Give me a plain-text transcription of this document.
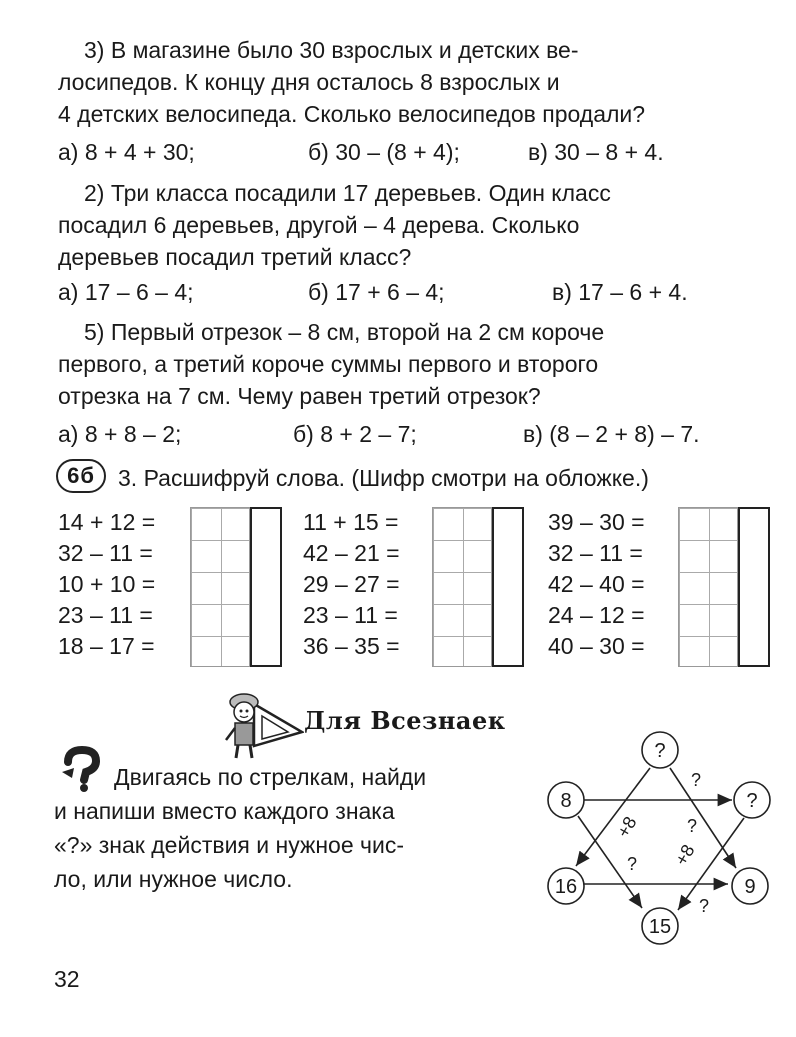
3) В магазине было 30 взрослых и детских ве-

лосипедов. К концу дня осталось 8 взрослых и

4 детских велосипеда. Сколько велосипедов продали?

а) 8 + 4 + 30;	б) 30 – (8 + 4);	в) 30 – 8 + 4.

2) Три класса посадили 17 деревьев. Один класс

посадил 6 деревьев, другой – 4 дерева. Сколько

деревьев посадил третий класс?

а) 17 – 6 – 4;	б) 17 + 6 – 4;	в) 17 – 6 + 4.

5) Первый отрезок – 8 см, второй на 2 см короче

первого, а третий короче суммы первого и второго

отрезка на 7 см. Чему равен третий отрезок?

а) 8 + 8 – 2;	б) 8 + 2 – 7;	в) (8 – 2 + 8) – 7.
6б	3. Расшифруй слова. (Шифр смотри на обложке.)
14 + 12 =
32 – 11 =
10 + 10 =
23 – 11 =
18 – 17 =
11 + 15 =
42 – 21 =
29 – 27 =
23 – 11 =
36 – 35 =
39 – 30 =
32 – 11 =
42 – 40 =
24 – 12 =
40 – 30 =
Для Всезнаек

Двигаясь по стрелкам, найди

и напиши вместо каждого знака

«?» знак действия и нужное чис-

ло, или нужное число.

?
8	?
16	9
15
?
+8	?
+8
?
?
32
